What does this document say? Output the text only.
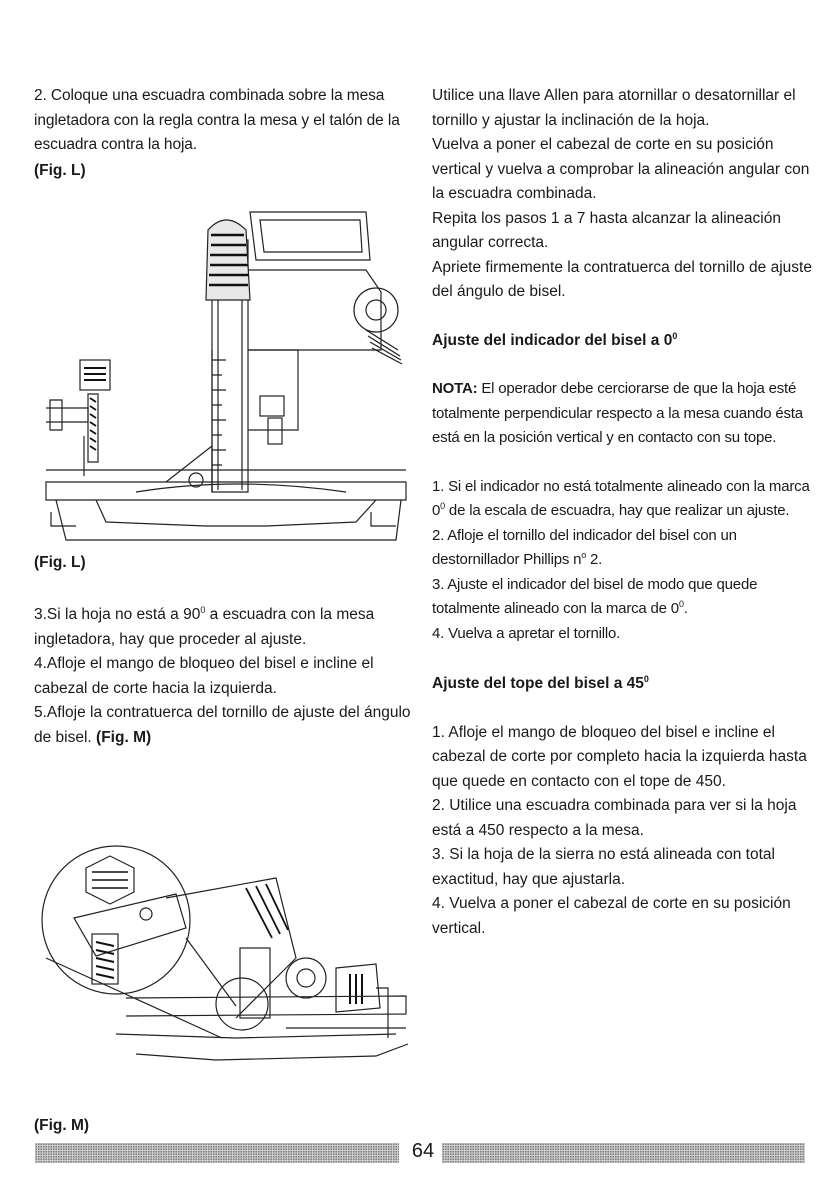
2. Coloque una escuadra combinada sobre la mesa ingletadora con la regla contra la mesa y el talón de la escuadra contra la hoja.

(Fig. L)

(Fig. L)

3.Si la hoja no está a $90^0$ a escuadra con la mesa ingletadora, hay que proceder al ajuste.

4.Afloje el mango de bloqueo del bisel e incline el cabezal de corte hacia la izquierda.

5.Afloje la contratuerca del tornillo de ajuste del ángulo de bisel. (Fig. M)

(Fig. M)

Utilice una llave Allen para atornillar o desatornillar el tornillo y ajustar la inclinación de la hoja.

Vuelva a poner el cabezal de corte en su posición vertical y vuelva a comprobar la alineación angular con la escuadra combinada.

Repita los pasos 1 a 7 hasta alcanzar la alineación angular correcta.

Apriete firmemente la contratuerca del tornillo de ajuste del ángulo de bisel.

Ajuste del indicador del bisel a $0^0$

NOTA: El operador debe cerciorarse de que la hoja esté totalmente perpendicular respecto a la mesa cuando ésta está en la posición vertical y en contacto con su tope.

1. Si el indicador no está totalmente alineado con la marca $0^0$ de la escala de escuadra, hay que realizar un ajuste.

2. Afloje el tornillo del indicador del bisel con un destornillador Phillips $n^o$ 2.

3. Ajuste el indicador del bisel de modo que quede totalmente alineado con la marca de $0^0$.

4. Vuelva a apretar el tornillo.

Ajuste del tope del bisel a $45^0$

1. Afloje el mango de bloqueo del bisel e incline el cabezal de corte por completo hacia la izquierda hasta que quede en contacto con el tope de 450.

2. Utilice una escuadra combinada para ver si la hoja está a 450 respecto a la mesa.

3. Si la hoja de la sierra no está alineada con total exactitud, hay que ajustarla.

4. Vuelva a poner el cabezal de corte en su posición vertical.

64
